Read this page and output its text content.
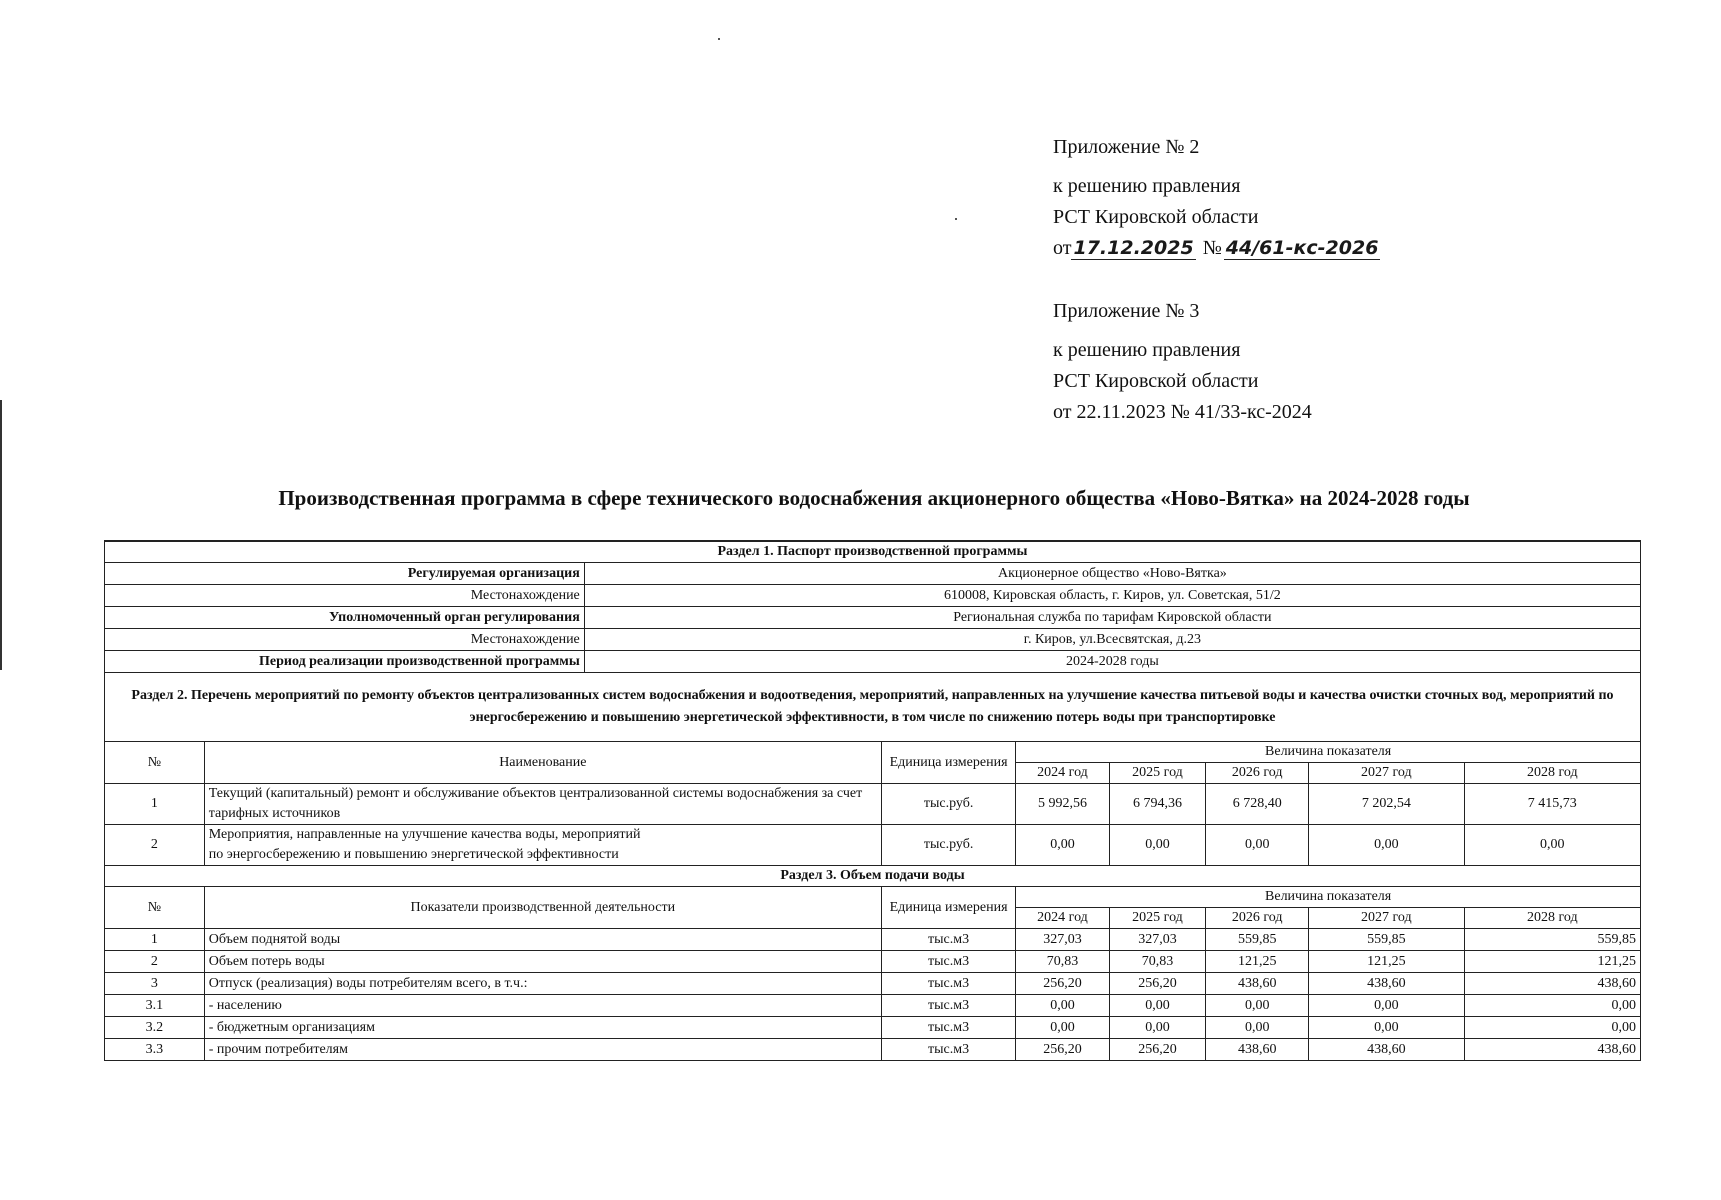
Приложение № 2
к решению правления
РСТ Кировской области
от 17.12.2025 № 44/61-кс-2026
Приложение № 3
к решению правления
РСТ Кировской области
от 22.11.2023 № 41/33-кс-2024
Производственная программа в сфере технического водоснабжения акционерного общества «Ново-Вятка» на 2024-2028 годы
Раздел 1. Паспорт производственной программы								
Регулируемая организация		Акционерное общество «Ново-Вятка»						
Местонахождение		610008, Кировская область, г. Киров, ул. Советская, 51/2						
Уполномоченный орган регулирования		Региональная служба по тарифам Кировской области						
Местонахождение		г. Киров, ул.Всесвятская, д.23						
Период реализации производственной программы		2024-2028 годы						
Раздел 2. Перечень мероприятий по ремонту объектов централизованных систем водоснабжения и водоотведения, мероприятий, направленных на улучшение качества питьевой воды и качества очистки сточных вод, мероприятий по энергосбережению и повышению энергетической эффективности, в том числе по снижению потерь воды при транспортировке								
№	Наименование		Единица измерения	Величина показателя				
				2024 год	2025 год	2026 год	2027 год	2028 год
1	Текущий (капитальный) ремонт и обслуживание объектов централизованной системы водоснабжения за счет тарифных источников		тыс.руб.	5 992,56	6 794,36	6 728,40	7 202,54	7 415,73
2	Мероприятия, направленные на улучшение качества воды, мероприятий
по энергосбережению и повышению энергетической эффективности		тыс.руб.	0,00	0,00	0,00	0,00	0,00
Раздел 3. Объем подачи воды								
№	Показатели производственной деятельности		Единица измерения	Величина показателя				
				2024 год	2025 год	2026 год	2027 год	2028 год
1	Объем поднятой воды		тыс.м3	327,03	327,03	559,85	559,85	559,85
2	Объем потерь воды		тыс.м3	70,83	70,83	121,25	121,25	121,25
3	Отпуск (реализация) воды потребителям всего, в т.ч.:		тыс.м3	256,20	256,20	438,60	438,60	438,60
3.1	- населению		тыс.м3	0,00	0,00	0,00	0,00	0,00
3.2	- бюджетным организациям		тыс.м3	0,00	0,00	0,00	0,00	0,00
3.3	- прочим потребителям		тыс.м3	256,20	256,20	438,60	438,60	438,60
